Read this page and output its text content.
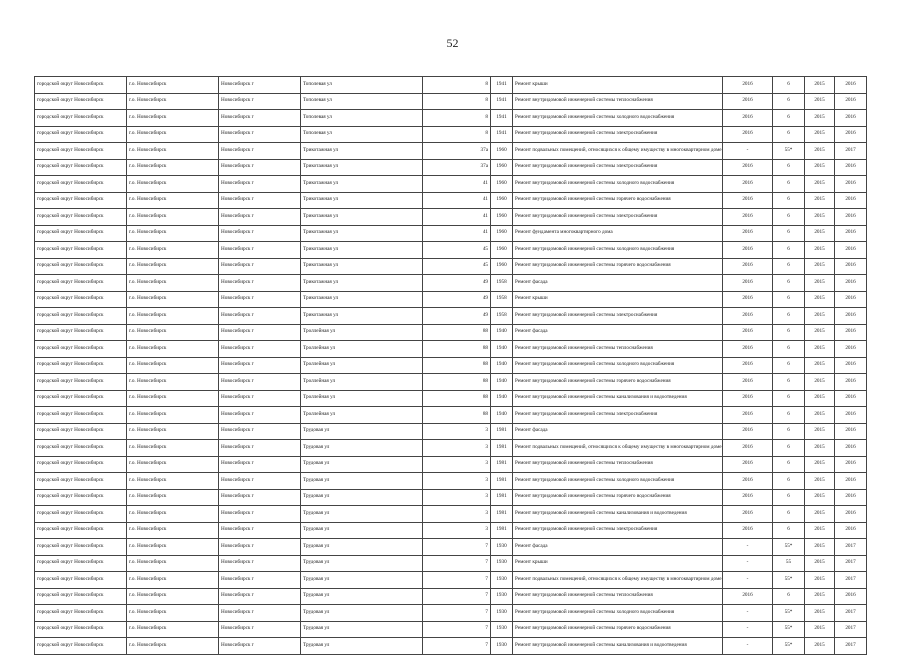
52
городской округ Новосибирск	г.о. Новосибирск	Новосибирск г	Тополевая ул	8	1941	Ремонт крыши	2016	6	2015	2016
городской округ Новосибирск	г.о. Новосибирск	Новосибирск г	Тополевая ул	8	1941	Ремонт внутридомовой инженерной системы теплоснабжения	2016	6	2015	2016
городской округ Новосибирск	г.о. Новосибирск	Новосибирск г	Тополевая ул	8	1941	Ремонт внутридомовой инженерной системы холодного водоснабжения	2016	6	2015	2016
городской округ Новосибирск	г.о. Новосибирск	Новосибирск г	Тополевая ул	8	1941	Ремонт внутридомовой инженерной системы электроснабжения	2016	6	2015	2016
городской округ Новосибирск	г.о. Новосибирск	Новосибирск г	Трикотажная ул	37а	1960	Ремонт подвальных помещений, относящихся к общему имуществу в многоквартирном доме	-	55*	2015	2017
городской округ Новосибирск	г.о. Новосибирск	Новосибирск г	Трикотажная ул	37а	1960	Ремонт внутридомовой инженерной системы электроснабжения	2016	6	2015	2016
городской округ Новосибирск	г.о. Новосибирск	Новосибирск г	Трикотажная ул	41	1960	Ремонт внутридомовой инженерной системы холодного водоснабжения	2016	6	2015	2016
городской округ Новосибирск	г.о. Новосибирск	Новосибирск г	Трикотажная ул	41	1960	Ремонт внутридомовой инженерной системы горячего водоснабжения	2016	6	2015	2016
городской округ Новосибирск	г.о. Новосибирск	Новосибирск г	Трикотажная ул	41	1960	Ремонт внутридомовой инженерной системы электроснабжения	2016	6	2015	2016
городской округ Новосибирск	г.о. Новосибирск	Новосибирск г	Трикотажная ул	41	1960	Ремонт фундамента многоквартирного дома	2016	6	2015	2016
городской округ Новосибирск	г.о. Новосибирск	Новосибирск г	Трикотажная ул	45	1960	Ремонт внутридомовой инженерной системы холодного водоснабжения	2016	6	2015	2016
городской округ Новосибирск	г.о. Новосибирск	Новосибирск г	Трикотажная ул	45	1960	Ремонт внутридомовой инженерной системы горячего водоснабжения	2016	6	2015	2016
городской округ Новосибирск	г.о. Новосибирск	Новосибирск г	Трикотажная ул	49	1958	Ремонт фасада	2016	6	2015	2016
городской округ Новосибирск	г.о. Новосибирск	Новосибирск г	Трикотажная ул	49	1958	Ремонт крыши	2016	6	2015	2016
городской округ Новосибирск	г.о. Новосибирск	Новосибирск г	Трикотажная ул	49	1958	Ремонт внутридомовой инженерной системы электроснабжения	2016	6	2015	2016
городской округ Новосибирск	г.о. Новосибирск	Новосибирск г	Троллейная ул	88	1940	Ремонт фасада	2016	6	2015	2016
городской округ Новосибирск	г.о. Новосибирск	Новосибирск г	Троллейная ул	88	1940	Ремонт внутридомовой инженерной системы теплоснабжения	2016	6	2015	2016
городской округ Новосибирск	г.о. Новосибирск	Новосибирск г	Троллейная ул	88	1940	Ремонт внутридомовой инженерной системы холодного водоснабжения	2016	6	2015	2016
городской округ Новосибирск	г.о. Новосибирск	Новосибирск г	Троллейная ул	88	1940	Ремонт внутридомовой инженерной системы горячего водоснабжения	2016	6	2015	2016
городской округ Новосибирск	г.о. Новосибирск	Новосибирск г	Троллейная ул	88	1940	Ремонт внутридомовой инженерной системы канализования и водоотведения	2016	6	2015	2016
городской округ Новосибирск	г.о. Новосибирск	Новосибирск г	Троллейная ул	88	1940	Ремонт внутридомовой инженерной системы электроснабжения	2016	6	2015	2016
городской округ Новосибирск	г.о. Новосибирск	Новосибирск г	Трудовая ул	3	1981	Ремонт фасада	2016	6	2015	2016
городской округ Новосибирск	г.о. Новосибирск	Новосибирск г	Трудовая ул	3	1981	Ремонт подвальных помещений, относящихся к общему имуществу в многоквартирном доме	2016	6	2015	2016
городской округ Новосибирск	г.о. Новосибирск	Новосибирск г	Трудовая ул	3	1981	Ремонт внутридомовой инженерной системы теплоснабжения	2016	6	2015	2016
городской округ Новосибирск	г.о. Новосибирск	Новосибирск г	Трудовая ул	3	1981	Ремонт внутридомовой инженерной системы холодного водоснабжения	2016	6	2015	2016
городской округ Новосибирск	г.о. Новосибирск	Новосибирск г	Трудовая ул	3	1981	Ремонт внутридомовой инженерной системы горячего водоснабжения	2016	6	2015	2016
городской округ Новосибирск	г.о. Новосибирск	Новосибирск г	Трудовая ул	3	1981	Ремонт внутридомовой инженерной системы канализования и водоотведения	2016	6	2015	2016
городской округ Новосибирск	г.о. Новосибирск	Новосибирск г	Трудовая ул	3	1981	Ремонт внутридомовой инженерной системы электроснабжения	2016	6	2015	2016
городской округ Новосибирск	г.о. Новосибирск	Новосибирск г	Трудовая ул	7	1930	Ремонт фасада	-	55*	2015	2017
городской округ Новосибирск	г.о. Новосибирск	Новосибирск г	Трудовая ул	7	1930	Ремонт крыши	-	55	2015	2017
городской округ Новосибирск	г.о. Новосибирск	Новосибирск г	Трудовая ул	7	1930	Ремонт подвальных помещений, относящихся к общему имуществу в многоквартирном доме	-	55*	2015	2017
городской округ Новосибирск	г.о. Новосибирск	Новосибирск г	Трудовая ул	7	1930	Ремонт внутридомовой инженерной системы теплоснабжения	2016	6	2015	2016
городской округ Новосибирск	г.о. Новосибирск	Новосибирск г	Трудовая ул	7	1930	Ремонт внутридомовой инженерной системы холодного водоснабжения	-	55*	2015	2017
городской округ Новосибирск	г.о. Новосибирск	Новосибирск г	Трудовая ул	7	1930	Ремонт внутридомовой инженерной системы горячего водоснабжения	-	55*	2015	2017
городской округ Новосибирск	г.о. Новосибирск	Новосибирск г	Трудовая ул	7	1930	Ремонт внутридомовой инженерной системы канализования и водоотведения	-	55*	2015	2017
